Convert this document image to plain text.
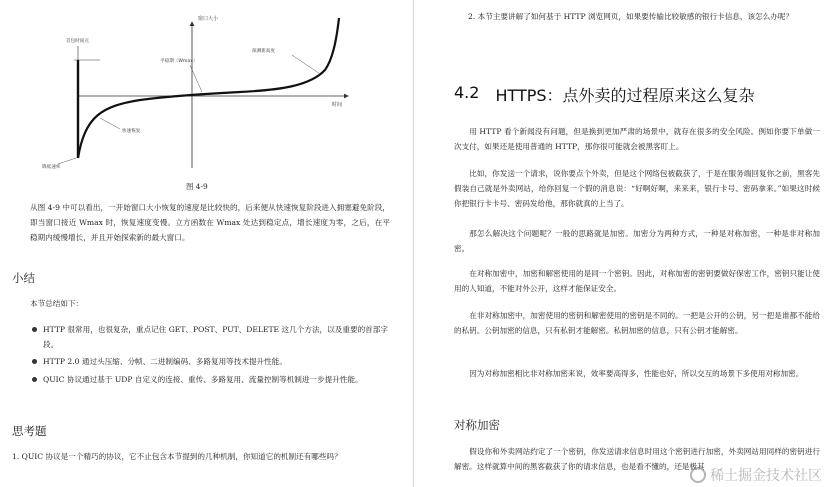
窗口大小
时间
首包时间点
快速恢复
降低速率
平稳期（Wmax）
探测新高度
图 4-9

从图 4-9 中可以看出，一开始窗口大小恢复的速度是比较快的，后来便从快速恢复阶段进入拥塞避免阶段，即当窗口接近 Wmax 时，恢复速度变慢。立方函数在 Wmax 处达到稳定点，增长速度为零，之后，在平稳期内缓慢增长，并且开始探索新的最大窗口。

小结

本节总结如下：

HTTP 很常用，也很复杂，重点记住 GET、POST、PUT、DELETE 这几个方法，以及重要的首部字段。
HTTP 2.0 通过头压缩、分帧、二进制编码、多路复用等技术提升性能。
QUIC 协议通过基于 UDP 自定义的连接、重传、多路复用、流量控制等机制进一步提升性能。
思考题

1. QUIC 协议是一个精巧的协议，它不止包含本节提到的几种机制，你知道它的机制还有哪些吗？

2. 本节主要讲解了如何基于 HTTP 浏览网页，如果要传输比较敏感的银行卡信息，该怎么办呢？

4.2 HTTPS：点外卖的过程原来这么复杂

用 HTTP 看个新闻没有问题，但是换到更加严肃的场景中，就存在很多的安全风险。例如你要下单做一次支付，如果还是使用普通的 HTTP，那你很可能就会被黑客盯上。

比如，你发送一个请求，说你要点个外卖，但是这个网络包被截获了，于是在服务端回复你之前，黑客先假装自己就是外卖网站，给你回复一个假的消息说：“好啊好啊，来来来，银行卡号、密码拿来。”如果这时候你把银行卡卡号、密码发给他，那你就真的上当了。

那怎么解决这个问题呢？一般的思路就是加密。加密分为两种方式，一种是对称加密，一种是非对称加密。

在对称加密中，加密和解密使用的是同一个密钥。因此，对称加密的密钥要做好保密工作，密钥只能让使用的人知道，不能对外公开，这样才能保证安全。

在非对称加密中，加密使用的密钥和解密使用的密钥是不同的。一把是公开的公钥，另一把是谁都不能给的私钥。公钥加密的信息，只有私钥才能解密。私钥加密的信息，只有公钥才能解密。

因为对称加密相比非对称加密来说，效率要高得多，性能也好，所以交互的场景下多使用对称加密。

对称加密

假设你和外卖网站约定了一个密钥，你发送请求信息时用这个密钥进行加密，外卖网站用同样的密钥进行解密。这样就算中间的黑客截获了你的请求信息，也是看不懂的，还是极其

稀土掘金技术社区
